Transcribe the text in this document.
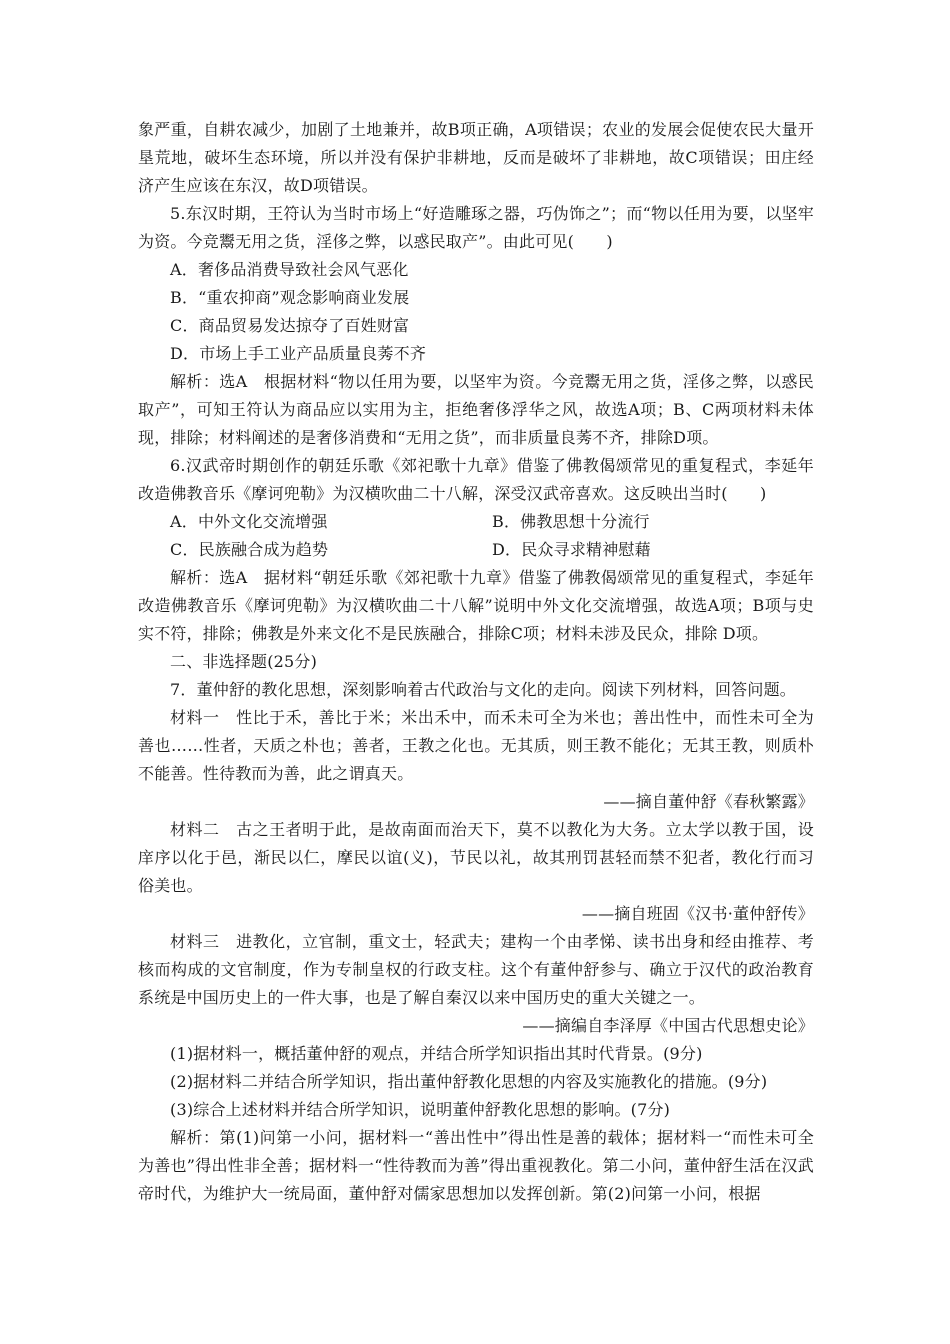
象严重，自耕农减少，加剧了土地兼并，故B项正确，A项错误；农业的发展会促使农民大量开垦荒地，破坏生态环境，所以并没有保护非耕地，反而是破坏了非耕地，故C项错误；田庄经济产生应该在东汉，故D项错误。

5.东汉时期，王符认为当时市场上“好造雕琢之器，巧伪饰之”；而“物以任用为要，以坚牢为资。今竞鬻无用之货，淫侈之弊，以惑民取产”。由此可见(　　)

A．奢侈品消费导致社会风气恶化

B．“重农抑商”观念影响商业发展

C．商品贸易发达掠夺了百姓财富

D．市场上手工业产品质量良莠不齐

解析：选A　根据材料“物以任用为要，以坚牢为资。今竞鬻无用之货，淫侈之弊，以惑民取产”，可知王符认为商品应以实用为主，拒绝奢侈浮华之风，故选A项；B、C两项材料未体现，排除；材料阐述的是奢侈消费和“无用之货”，而非质量良莠不齐，排除D项。

6.汉武帝时期创作的朝廷乐歌《郊祀歌十九章》借鉴了佛教偈颂常见的重复程式，李延年改造佛教音乐《摩诃兜勒》为汉横吹曲二十八解，深受汉武帝喜欢。这反映出当时(　　)

A．中外文化交流增强	B．佛教思想十分流行
C．民族融合成为趋势	D．民众寻求精神慰藉

解析：选A　据材料“朝廷乐歌《郊祀歌十九章》借鉴了佛教偈颂常见的重复程式，李延年改造佛教音乐《摩诃兜勒》为汉横吹曲二十八解”说明中外文化交流增强，故选A项；B项与史实不符，排除；佛教是外来文化不是民族融合，排除C项；材料未涉及民众，排除 D项。

二、非选择题(25分)

7．董仲舒的教化思想，深刻影响着古代政治与文化的走向。阅读下列材料，回答问题。

材料一　性比于禾，善比于米；米出禾中，而禾未可全为米也；善出性中，而性未可全为善也……性者，天质之朴也；善者，王教之化也。无其质，则王教不能化；无其王教，则质朴不能善。性待教而为善，此之谓真天。

——摘自董仲舒《春秋繁露》

材料二　古之王者明于此，是故南面而治天下，莫不以教化为大务。立太学以教于国，设庠序以化于邑，渐民以仁，摩民以谊(义)，节民以礼，故其刑罚甚轻而禁不犯者，教化行而习俗美也。

——摘自班固《汉书·董仲舒传》

材料三　进教化，立官制，重文士，轻武夫；建构一个由孝悌、读书出身和经由推荐、考核而构成的文官制度，作为专制皇权的行政支柱。这个有董仲舒参与、确立于汉代的政治教育系统是中国历史上的一件大事，也是了解自秦汉以来中国历史的重大关键之一。

——摘编自李泽厚《中国古代思想史论》

(1)据材料一，概括董仲舒的观点，并结合所学知识指出其时代背景。(9分)

(2)据材料二并结合所学知识，指出董仲舒教化思想的内容及实施教化的措施。(9分)

(3)综合上述材料并结合所学知识，说明董仲舒教化思想的影响。(7分)

解析：第(1)问第一小问，据材料一“善出性中”得出性是善的载体；据材料一“而性未可全为善也”得出性非全善；据材料一“性待教而为善”得出重视教化。第二小问，董仲舒生活在汉武帝时代，为维护大一统局面，董仲舒对儒家思想加以发挥创新。第(2)问第一小问，根据
